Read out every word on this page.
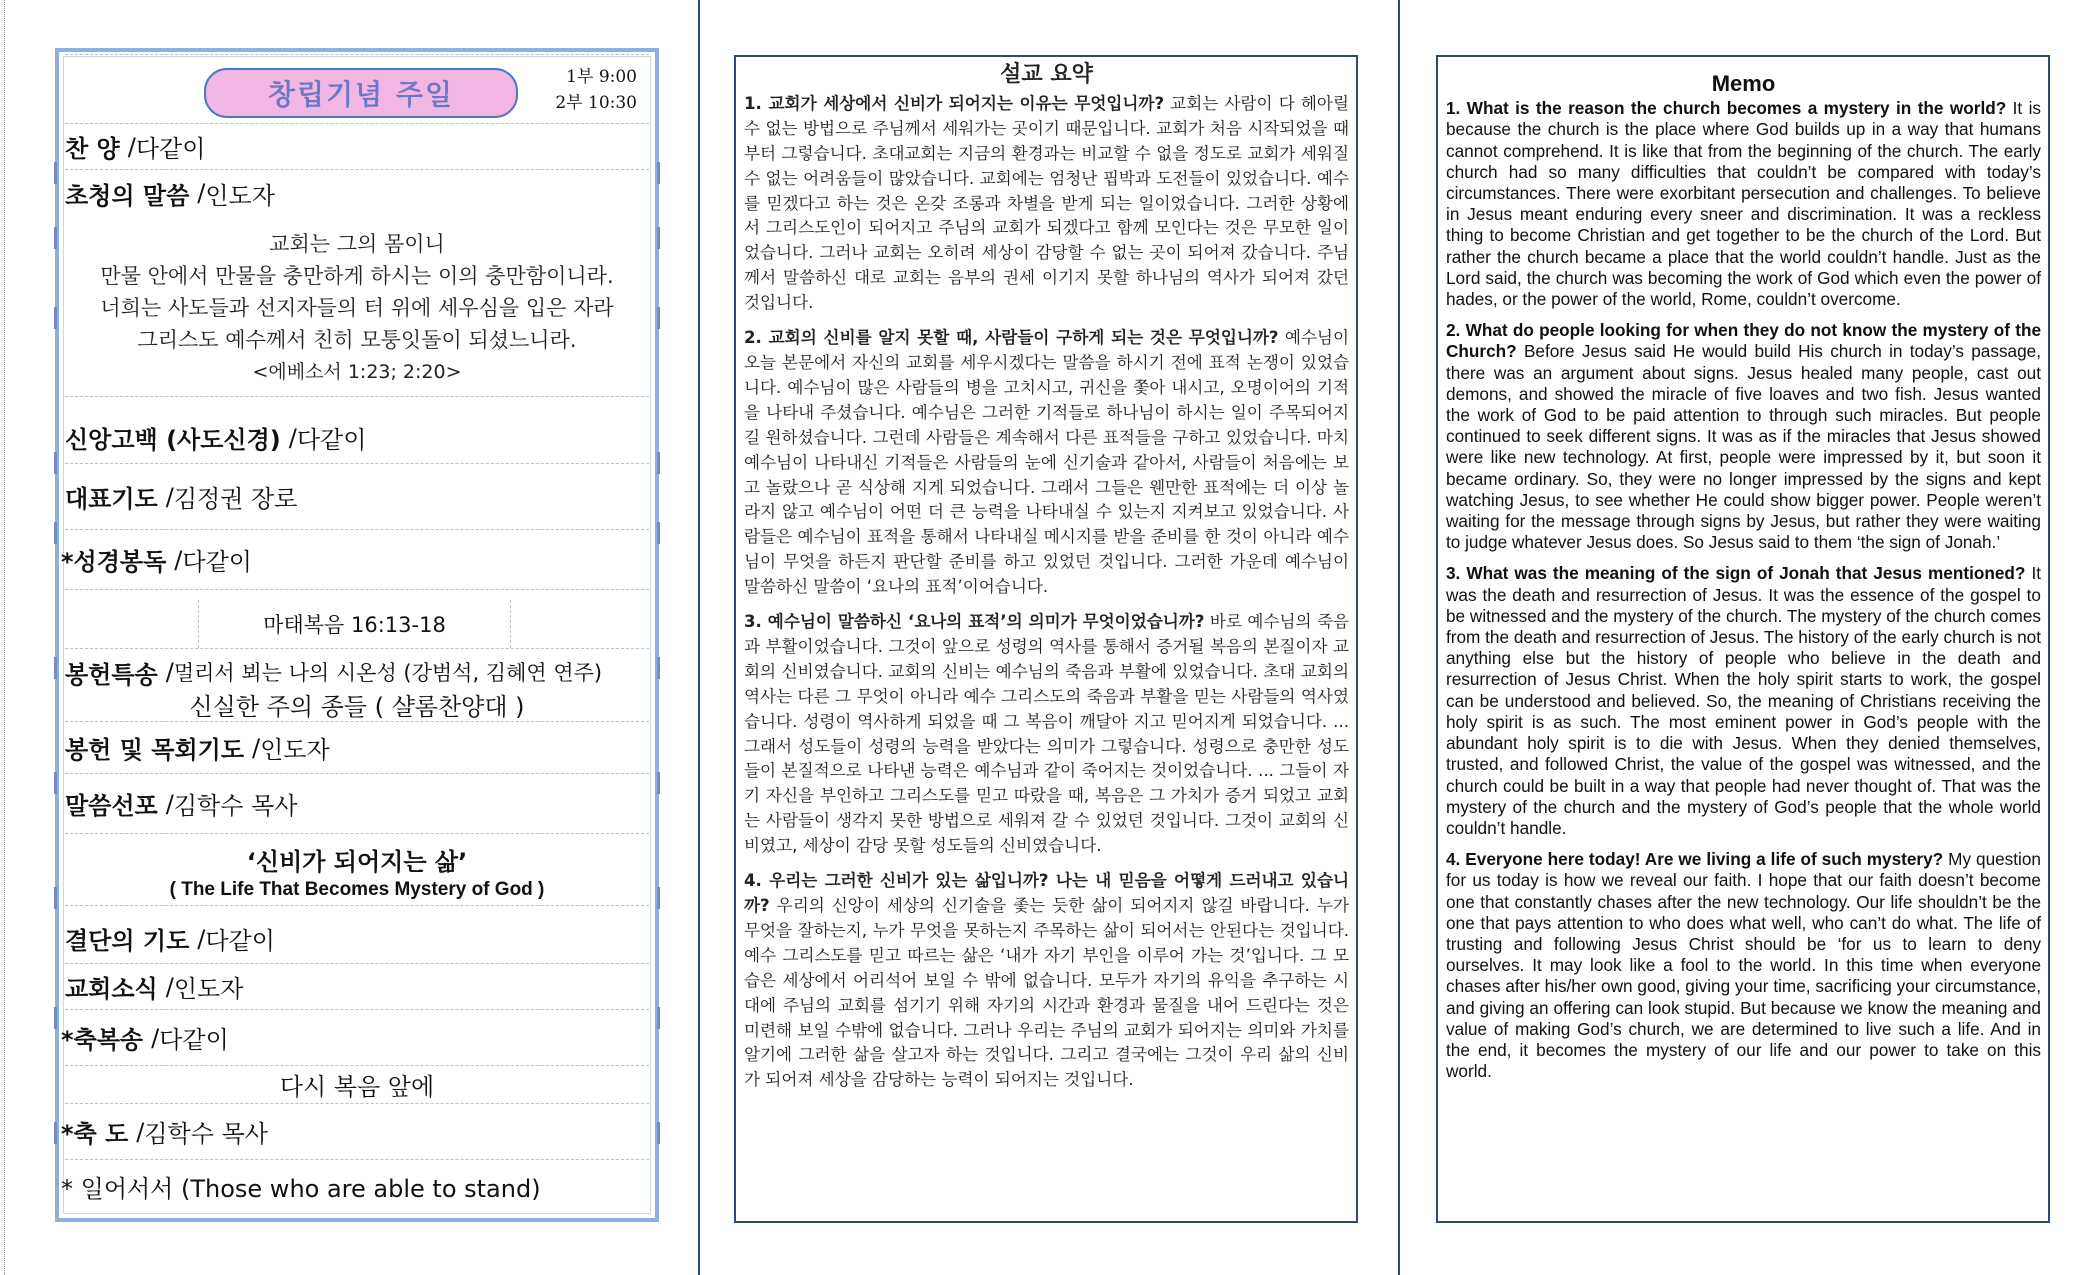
창립기념 주일
1부 9:00
2부 10:30
찬 양 / 다같이
초청의 말씀 / 인도자
교회는 그의 몸이니
만물 안에서 만물을 충만하게 하시는 이의 충만함이니라.
너희는 사도들과 선지자들의 터 위에 세우심을 입은 자라
그리스도 예수께서 친히 모퉁잇돌이 되셨느니라.
<에베소서 1:23; 2:20>
신앙고백 (사도신경) / 다같이
대표기도 / 김정권 장로
*성경봉독 / 다같이
마태복음 16:13-18
봉헌특송 / 멀리서 뵈는 나의 시온성 (강범석, 김혜연 연주)
신실한 주의 종들 ( 샬롬찬양대 )
봉헌 및 목회기도 / 인도자
말씀선포 / 김학수 목사
‘신비가 되어지는 삶’
( The Life That Becomes Mystery of God )
결단의 기도 / 다같이
교회소식 / 인도자
*축복송 / 다같이
다시 복음 앞에
*축 도 / 김학수 목사
* 일어서서 (Those who are able to stand)
설교 요약

1. 교회가 세상에서 신비가 되어지는 이유는 무엇입니까? 교회는 사람이 다 헤아릴 수 없는 방법으로 주님께서 세워가는 곳이기 때문입니다. 교회가 처음 시작되었을 때부터 그렇습니다. 초대교회는 지금의 환경과는 비교할 수 없을 정도로 교회가 세워질 수 없는 어려움들이 많았습니다. 교회에는 엄청난 핍박과 도전들이 있었습니다. 예수를 믿겠다고 하는 것은 온갖 조롱과 차별을 받게 되는 일이었습니다. 그러한 상황에서 그리스도인이 되어지고 주님의 교회가 되겠다고 함께 모인다는 것은 무모한 일이었습니다. 그러나 교회는 오히려 세상이 감당할 수 없는 곳이 되어져 갔습니다. 주님께서 말씀하신 대로 교회는 음부의 권세 이기지 못할 하나님의 역사가 되어져 갔던 것입니다.

2. 교회의 신비를 알지 못할 때, 사람들이 구하게 되는 것은 무엇입니까? 예수님이 오늘 본문에서 자신의 교회를 세우시겠다는 말씀을 하시기 전에 표적 논쟁이 있었습니다. 예수님이 많은 사람들의 병을 고치시고, 귀신을 쫓아 내시고, 오명이어의 기적을 나타내 주셨습니다. 예수님은 그러한 기적들로 하나님이 하시는 일이 주목되어지길 원하셨습니다. 그런데 사람들은 계속해서 다른 표적들을 구하고 있었습니다. 마치 예수님이 나타내신 기적들은 사람들의 눈에 신기술과 같아서, 사람들이 처음에는 보고 놀랐으나 곧 식상해 지게 되었습니다. 그래서 그들은 웬만한 표적에는 더 이상 놀라지 않고 예수님이 어떤 더 큰 능력을 나타내실 수 있는지 지켜보고 있었습니다. 사람들은 예수님이 표적을 통해서 나타내실 메시지를 받을 준비를 한 것이 아니라 예수님이 무엇을 하든지 판단할 준비를 하고 있었던 것입니다. 그러한 가운데 예수님이 말씀하신 말씀이 ‘요나의 표적’이어습니다.

3. 예수님이 말씀하신 ‘요나의 표적’의 의미가 무엇이었습니까? 바로 예수님의 죽음과 부활이었습니다. 그것이 앞으로 성령의 역사를 통해서 증거될 복음의 본질이자 교회의 신비였습니다. 교회의 신비는 예수님의 죽음과 부활에 있었습니다. 초대 교회의 역사는 다른 그 무엇이 아니라 예수 그리스도의 죽음과 부활을 믿는 사람들의 역사였습니다. 성령이 역사하게 되었을 때 그 복음이 깨달아 지고 믿어지게 되었습니다. ... 그래서 성도들이 성령의 능력을 받았다는 의미가 그렇습니다. 성령으로 충만한 성도들이 본질적으로 나타낸 능력은 예수님과 같이 죽어지는 것이었습니다. ... 그들이 자기 자신을 부인하고 그리스도를 믿고 따랐을 때, 복음은 그 가치가 증거 되었고 교회는 사람들이 생각지 못한 방법으로 세워져 갈 수 있었던 것입니다. 그것이 교회의 신비였고, 세상이 감당 못할 성도들의 신비였습니다.

4. 우리는 그러한 신비가 있는 삶입니까? 나는 내 믿음을 어떻게 드러내고 있습니까? 우리의 신앙이 세상의 신기술을 좇는 듯한 삶이 되어지지 않길 바랍니다. 누가 무엇을 잘하는지, 누가 무엇을 못하는지 주목하는 삶이 되어서는 안된다는 것입니다. 예수 그리스도를 믿고 따르는 삶은 ‘내가 자기 부인을 이루어 가는 것’입니다. 그 모습은 세상에서 어리석어 보일 수 밖에 없습니다. 모두가 자기의 유익을 추구하는 시대에 주님의 교회를 섬기기 위해 자기의 시간과 환경과 물질을 내어 드린다는 것은 미련해 보일 수밖에 없습니다. 그러나 우리는 주님의 교회가 되어지는 의미와 가치를 알기에 그러한 삶을 살고자 하는 것입니다. 그리고 결국에는 그것이 우리 삶의 신비가 되어져 세상을 감당하는 능력이 되어지는 것입니다.

Memo

1. What is the reason the church becomes a mystery in the world? It is because the church is the place where God builds up in a way that humans cannot comprehend. It is like that from the beginning of the church. The early church had so many difficulties that couldn’t be compared with today’s circumstances. There were exorbitant persecution and challenges. To believe in Jesus meant enduring every sneer and discrimination. It was a reckless thing to become Christian and get together to be the church of the Lord. But rather the church became a place that the world couldn’t handle. Just as the Lord said, the church was becoming the work of God which even the power of hades, or the power of the world, Rome, couldn’t overcome.

2. What do people looking for when they do not know the mystery of the Church? Before Jesus said He would build His church in today’s passage, there was an argument about signs. Jesus healed many people, cast out demons, and showed the miracle of five loaves and two fish. Jesus wanted the work of God to be paid attention to through such miracles. But people continued to seek different signs. It was as if the miracles that Jesus showed were like new technology. At first, people were impressed by it, but soon it became ordinary. So, they were no longer impressed by the signs and kept watching Jesus, to see whether He could show bigger power. People weren’t waiting for the message through signs by Jesus, but rather they were waiting to judge whatever Jesus does. So Jesus said to them ‘the sign of Jonah.’

3. What was the meaning of the sign of Jonah that Jesus mentioned? It was the death and resurrection of Jesus. It was the essence of the gospel to be witnessed and the mystery of the church. The mystery of the church comes from the death and resurrection of Jesus. The history of the early church is not anything else but the history of people who believe in the death and resurrection of Jesus Christ. When the holy spirit starts to work, the gospel can be understood and believed. So, the meaning of Christians receiving the holy spirit is as such. The most eminent power in God’s people with the abundant holy spirit is to die with Jesus. When they denied themselves, trusted, and followed Christ, the value of the gospel was witnessed, and the church could be built in a way that people had never thought of. That was the mystery of the church and the mystery of God’s people that the whole world couldn’t handle.

4. Everyone here today! Are we living a life of such mystery? My question for us today is how we reveal our faith. I hope that our faith doesn’t become one that constantly chases after the new technology. Our life shouldn’t be the one that pays attention to who does what well, who can’t do what. The life of trusting and following Jesus Christ should be ‘for us to learn to deny ourselves. It may look like a fool to the world. In this time when everyone chases after his/her own good, giving your time, sacrificing your circumstance, and giving an offering can look stupid. But because we know the meaning and value of making God’s church, we are determined to live such a life. And in the end, it becomes the mystery of our life and our power to take on this world.
